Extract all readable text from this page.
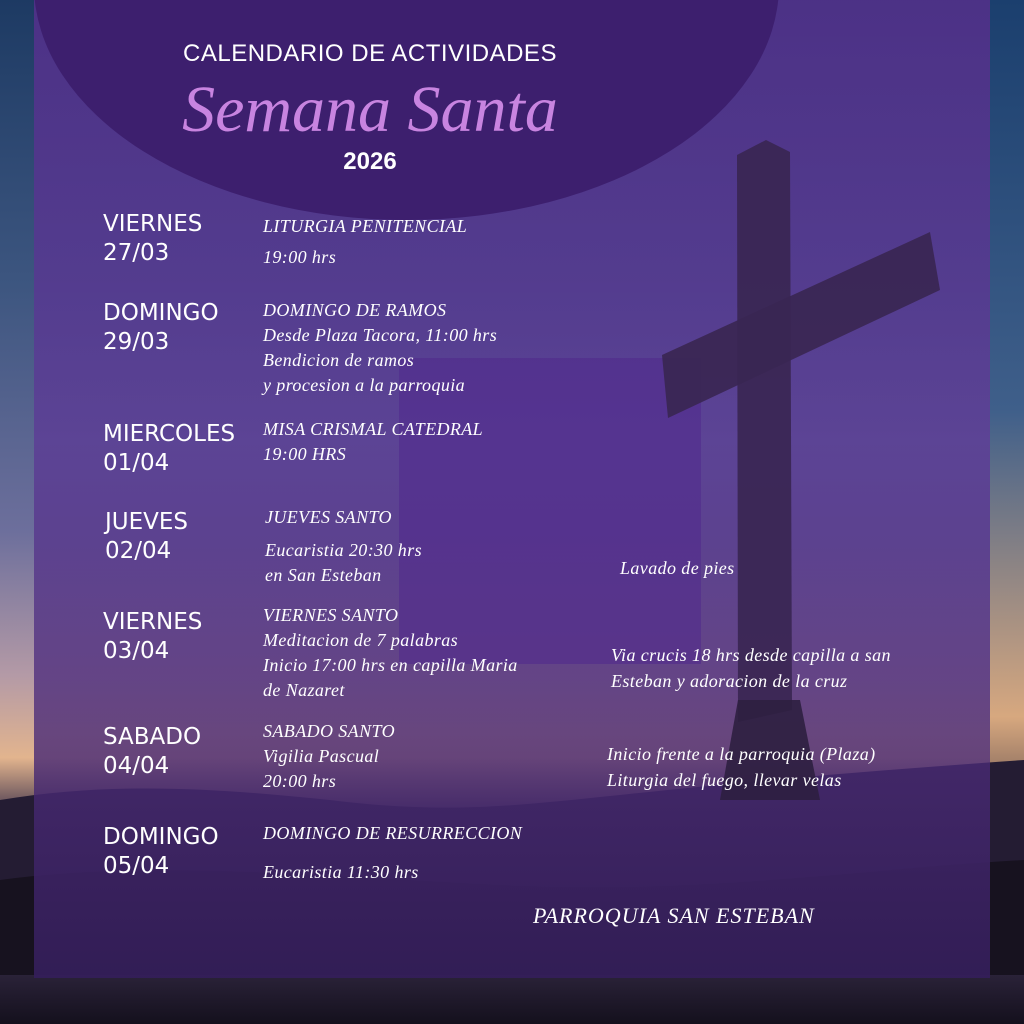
CALENDARIO DE ACTIVIDADES
Semana Santa
2026
VIERNES
27/03
LITURGIA PENITENCIAL
19:00 hrs
DOMINGO
29/03
DOMINGO DE RAMOS
Desde Plaza Tacora, 11:00 hrs
Bendicion de ramos
y procesion a la parroquia
MIERCOLES
01/04
MISA CRISMAL CATEDRAL
19:00 HRS
JUEVES
02/04
JUEVES SANTO
Eucaristia 20:30 hrs
en San Esteban	Lavado de pies
VIERNES
03/04
VIERNES SANTO
Meditacion de 7 palabras
Inicio 17:00 hrs en capilla Maria
de Nazaret
Via crucis 18 hrs desde capilla a san
Esteban y adoracion de la cruz
SABADO
04/04
SABADO SANTO
Vigilia Pascual
20:00 hrs
Inicio frente a la parroquia (Plaza)
Liturgia del fuego, llevar velas
DOMINGO
05/04
DOMINGO DE RESURRECCION
Eucaristia 11:30 hrs
PARROQUIA SAN ESTEBAN
